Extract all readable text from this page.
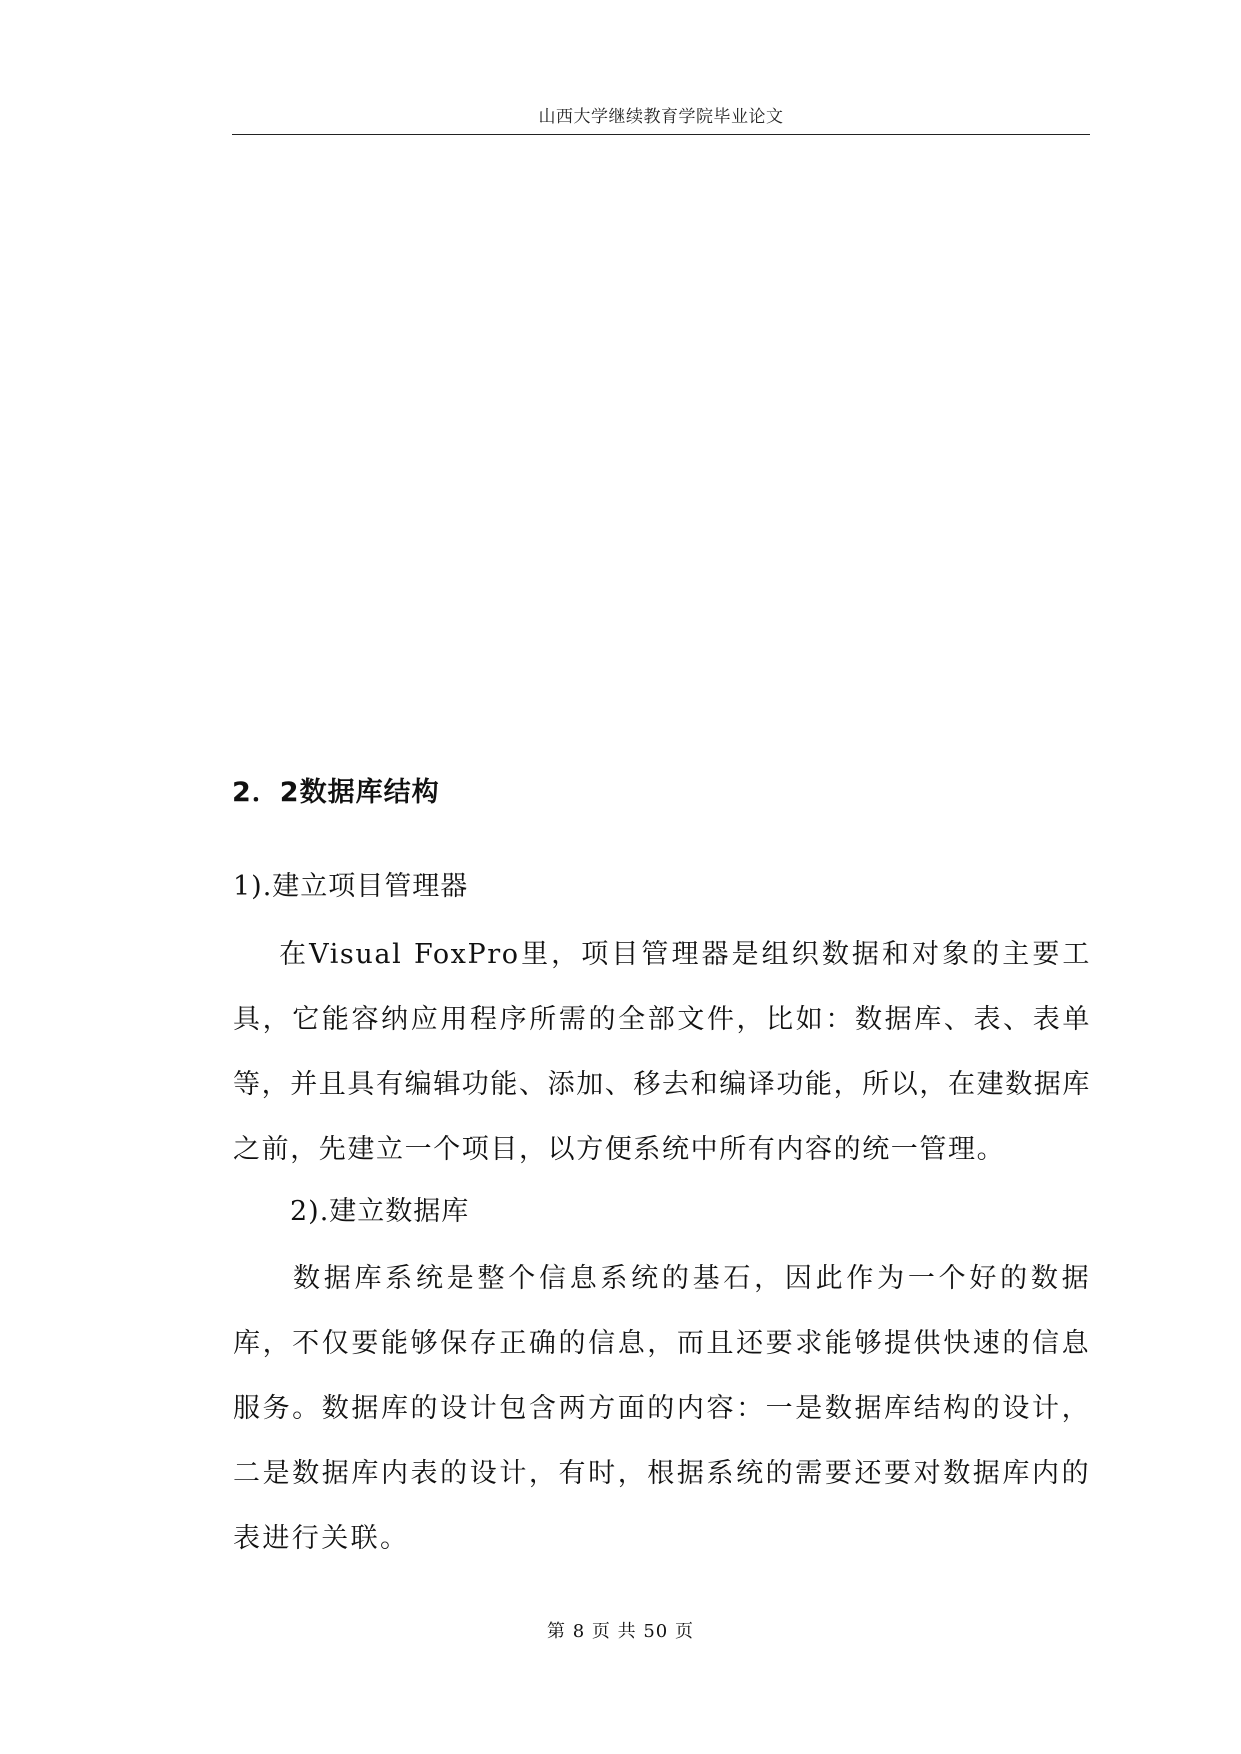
山西大学继续教育学院毕业论文
2．2数据库结构
1).建立项目管理器
在Visual FoxPro里，项目管理器是组织数据和对象的主要工具，它能容纳应用程序所需的全部文件，比如：数据库、表、表单等，并且具有编辑功能、添加、移去和编译功能，所以，在建数据库之前，先建立一个项目，以方便系统中所有内容的统一管理。
2).建立数据库
数据库系统是整个信息系统的基石，因此作为一个好的数据库，不仅要能够保存正确的信息，而且还要求能够提供快速的信息服务。数据库的设计包含两方面的内容：一是数据库结构的设计，二是数据库内表的设计，有时，根据系统的需要还要对数据库内的表进行关联。
第 8 页 共 50 页
